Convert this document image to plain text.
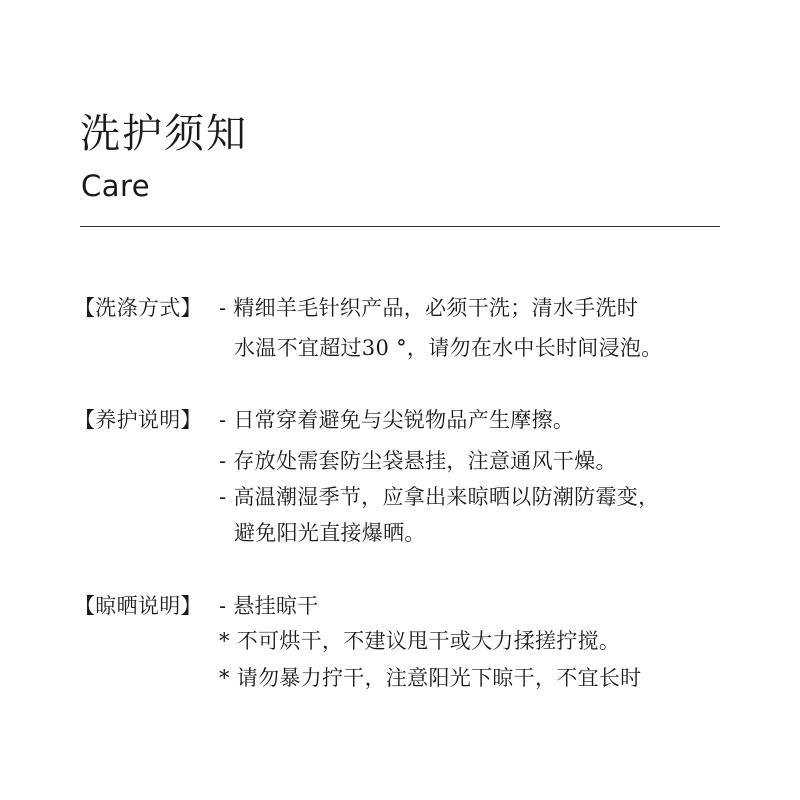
洗护须知
Care
【洗涤方式】 - 精细羊毛针织产品，必须干洗；清水手洗时
水温不宜超过30 °，请勿在水中长时间浸泡。
【养护说明】 - 日常穿着避免与尖锐物品产生摩擦。
- 存放处需套防尘袋悬挂，注意通风干燥。
- 高温潮湿季节，应拿出来晾晒以防潮防霉变，
避免阳光直接爆晒。
【晾晒说明】 - 悬挂晾干
* 不可烘干，不建议甩干或大力揉搓拧搅。
* 请勿暴力拧干，注意阳光下晾干，不宜长时
